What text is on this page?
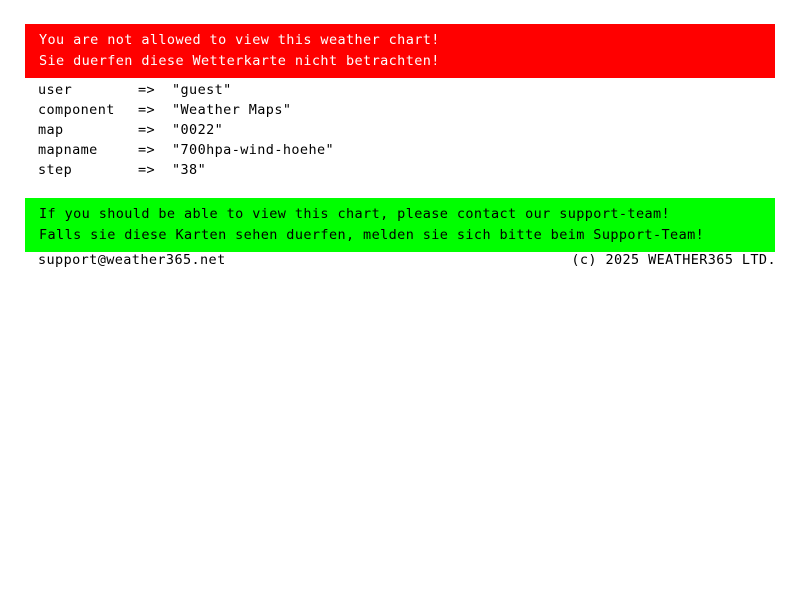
You are not allowed to view this weather chart!
Sie duerfen diese Wetterkarte nicht betrachten!
user	=>	"guest"
component	=>	"Weather Maps"
map	=>	"0022"
mapname	=>	"700hpa-wind-hoehe"
step	=>	"38"
If you should be able to view this chart, please contact our support-team!
Falls sie diese Karten sehen duerfen, melden sie sich bitte beim Support-Team!
support@weather365.net	(c) 2025 WEATHER365 LTD.
